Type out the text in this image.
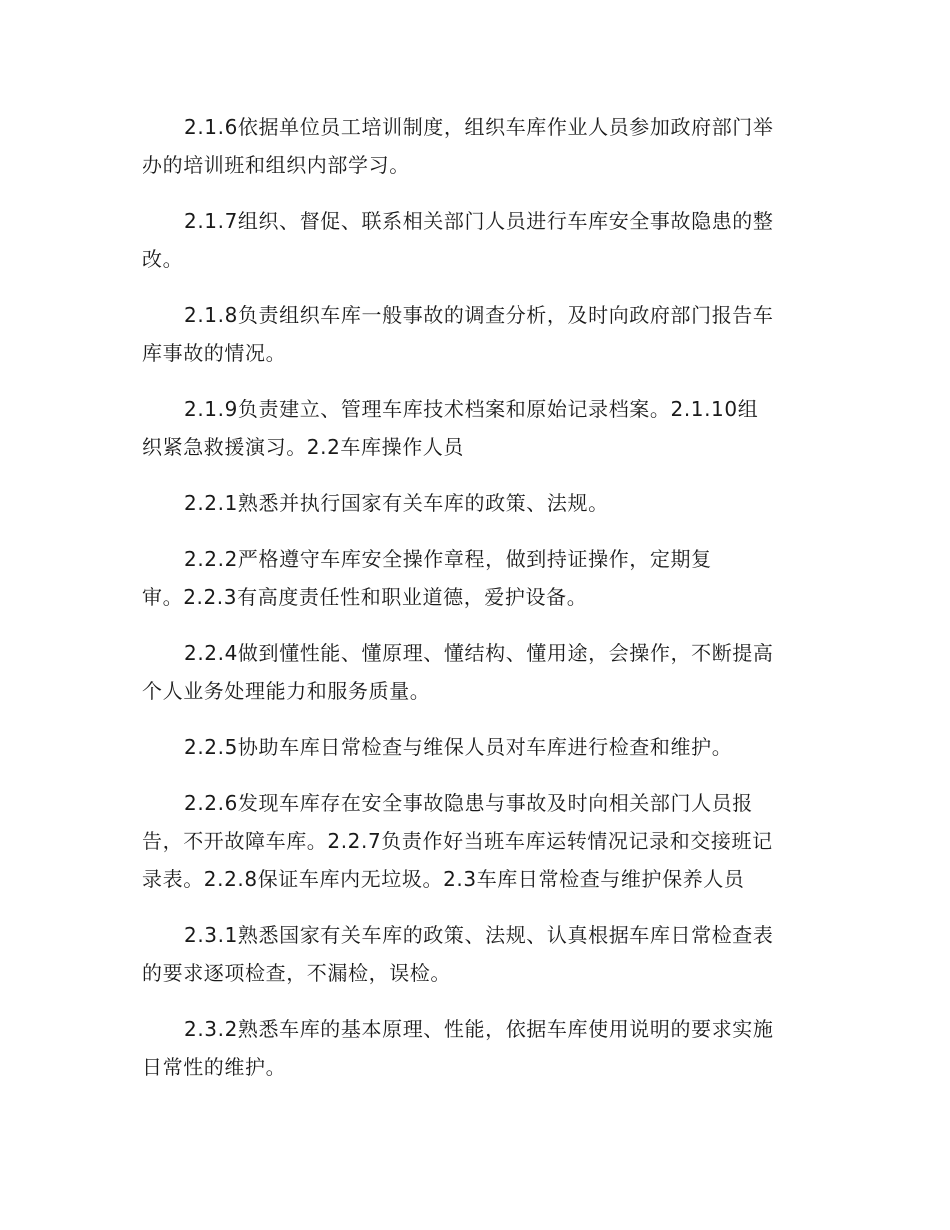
2.1.6依据单位员工培训制度，组织车库作业人员参加政府部门举
办的培训班和组织内部学习。
2.1.7组织、督促、联系相关部门人员进行车库安全事故隐患的整
改。
2.1.8负责组织车库一般事故的调查分析，及时向政府部门报告车
库事故的情况。
2.1.9负责建立、管理车库技术档案和原始记录档案。2.1.10组
织紧急救援演习。2.2车库操作人员
2.2.1熟悉并执行国家有关车库的政策、法规。
2.2.2严格遵守车库安全操作章程，做到持证操作，定期复
审。2.2.3有高度责任性和职业道德，爱护设备。
2.2.4做到懂性能、懂原理、懂结构、懂用途，会操作，不断提高
个人业务处理能力和服务质量。
2.2.5协助车库日常检查与维保人员对车库进行检查和维护。
2.2.6发现车库存在安全事故隐患与事故及时向相关部门人员报
告，不开故障车库。2.2.7负责作好当班车库运转情况记录和交接班记
录表。2.2.8保证车库内无垃圾。2.3车库日常检查与维护保养人员
2.3.1熟悉国家有关车库的政策、法规、认真根据车库日常检查表
的要求逐项检查，不漏检，误检。
2.3.2熟悉车库的基本原理、性能，依据车库使用说明的要求实施
日常性的维护。
